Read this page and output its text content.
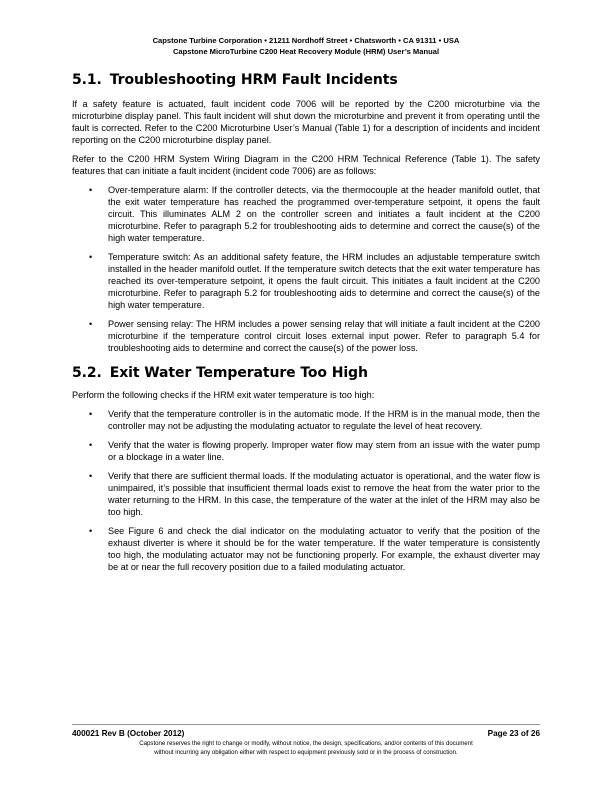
Capstone Turbine Corporation • 21211 Nordhoff Street • Chatsworth • CA 91311 • USA
Capstone MicroTurbine C200 Heat Recovery Module (HRM) User’s Manual
5.1. Troubleshooting HRM Fault Incidents

If a safety feature is actuated, fault incident code 7006 will be reported by the C200 microturbine via the microturbine display panel. This fault incident will shut down the microturbine and prevent it from operating until the fault is corrected. Refer to the C200 Microturbine User’s Manual (Table 1) for a description of incidents and incident reporting on the C200 microturbine display panel.

Refer to the C200 HRM System Wiring Diagram in the C200 HRM Technical Reference (Table 1). The safety features that can initiate a fault incident (incident code 7006) are as follows:

• Over-temperature alarm: If the controller detects, via the thermocouple at the header manifold outlet, that the exit water temperature has reached the programmed over-temperature setpoint, it opens the fault circuit. This illuminates ALM 2 on the controller screen and initiates a fault incident at the C200 microturbine. Refer to paragraph 5.2 for troubleshooting aids to determine and correct the cause(s) of the high water temperature.
• Temperature switch: As an additional safety feature, the HRM includes an adjustable temperature switch installed in the header manifold outlet. If the temperature switch detects that the exit water temperature has reached its over-temperature setpoint, it opens the fault circuit. This initiates a fault incident at the C200 microturbine. Refer to paragraph 5.2 for troubleshooting aids to determine and correct the cause(s) of the high water temperature.
• Power sensing relay: The HRM includes a power sensing relay that will initiate a fault incident at the C200 microturbine if the temperature control circuit loses external input power. Refer to paragraph 5.4 for troubleshooting aids to determine and correct the cause(s) of the power loss.
5.2. Exit Water Temperature Too High

Perform the following checks if the HRM exit water temperature is too high:

• Verify that the temperature controller is in the automatic mode. If the HRM is in the manual mode, then the controller may not be adjusting the modulating actuator to regulate the level of heat recovery.
• Verify that the water is flowing properly. Improper water flow may stem from an issue with the water pump or a blockage in a water line.
• Verify that there are sufficient thermal loads. If the modulating actuator is operational, and the water flow is unimpaired, it’s possible that insufficient thermal loads exist to remove the heat from the water prior to the water returning to the HRM. In this case, the temperature of the water at the inlet of the HRM may also be too high.
• See Figure 6 and check the dial indicator on the modulating actuator to verify that the position of the exhaust diverter is where it should be for the water temperature. If the water temperature is consistently too high, the modulating actuator may not be functioning properly. For example, the exhaust diverter may be at or near the full recovery position due to a failed modulating actuator.
400021 Rev B (October 2012)	Page 23 of 26
Capstone reserves the right to change or modify, without notice, the design, specifications, and/or contents of this document
without incurring any obligation either with respect to equipment previously sold or in the process of construction.
